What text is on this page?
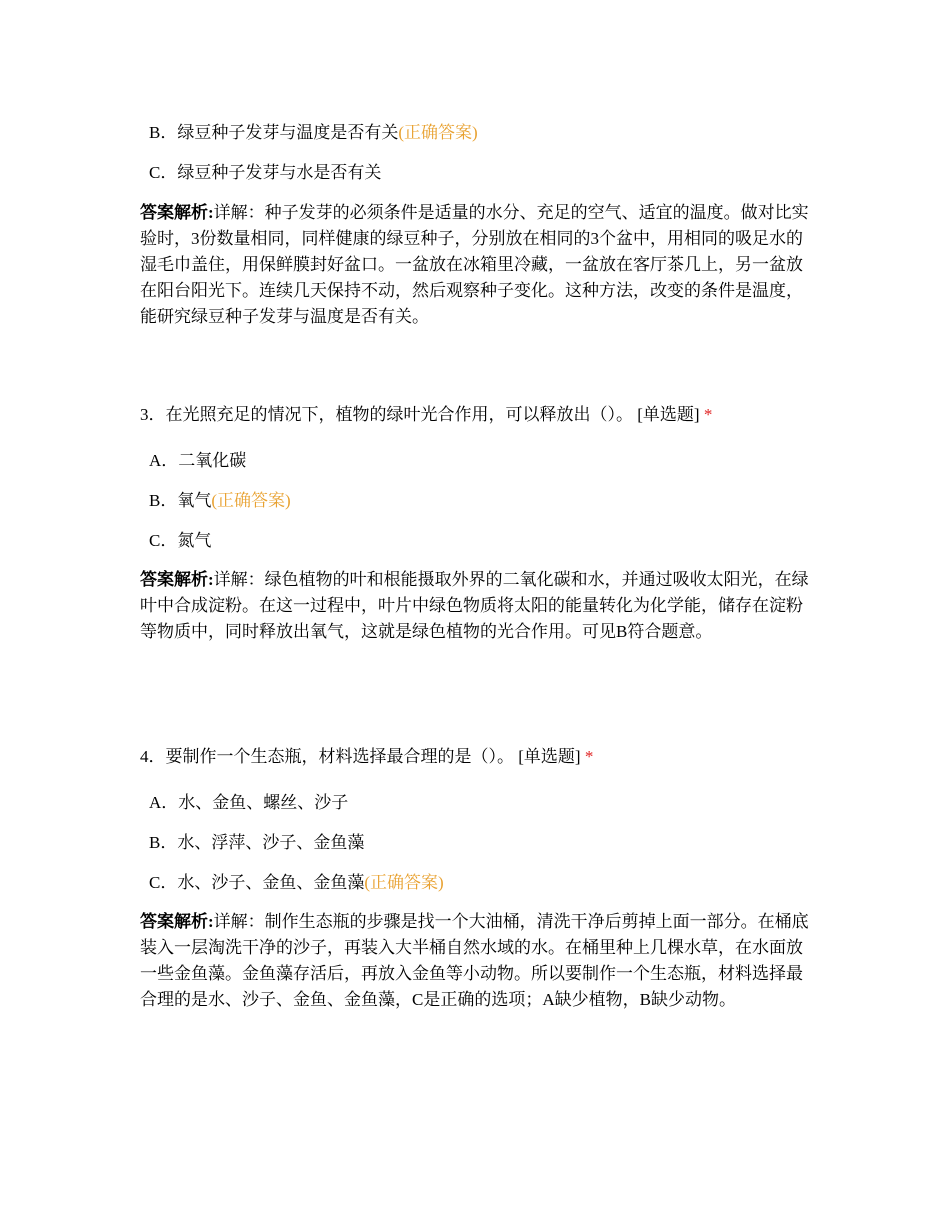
B．绿豆种子发芽与温度是否有关(正确答案)
C．绿豆种子发芽与水是否有关
答案解析:详解：种子发芽的必须条件是适量的水分、充足的空气、适宜的温度。做对比实验时，3份数量相同，同样健康的绿豆种子，分别放在相同的3个盆中，用相同的吸足水的湿毛巾盖住，用保鲜膜封好盆口。一盆放在冰箱里冷藏，一盆放在客厅茶几上，另一盆放在阳台阳光下。连续几天保持不动，然后观察种子变化。这种方法，改变的条件是温度，能研究绿豆种子发芽与温度是否有关。
3．在光照充足的情况下，植物的绿叶光合作用，可以释放出（）。 [单选题] *
A．二氧化碳
B．氧气(正确答案)
C．氮气
答案解析:详解：绿色植物的叶和根能摄取外界的二氧化碳和水，并通过吸收太阳光，在绿叶中合成淀粉。在这一过程中，叶片中绿色物质将太阳的能量转化为化学能，储存在淀粉等物质中，同时释放出氧气，这就是绿色植物的光合作用。可见B符合题意。
4．要制作一个生态瓶，材料选择最合理的是（）。 [单选题] *
A．水、金鱼、螺丝、沙子
B．水、浮萍、沙子、金鱼藻
C．水、沙子、金鱼、金鱼藻(正确答案)
答案解析:详解：制作生态瓶的步骤是找一个大油桶，清洗干净后剪掉上面一部分。在桶底装入一层淘洗干净的沙子，再装入大半桶自然水域的水。在桶里种上几棵水草，在水面放一些金鱼藻。金鱼藻存活后，再放入金鱼等小动物。所以要制作一个生态瓶，材料选择最合理的是水、沙子、金鱼、金鱼藻，C是正确的选项；A缺少植物，B缺少动物。
